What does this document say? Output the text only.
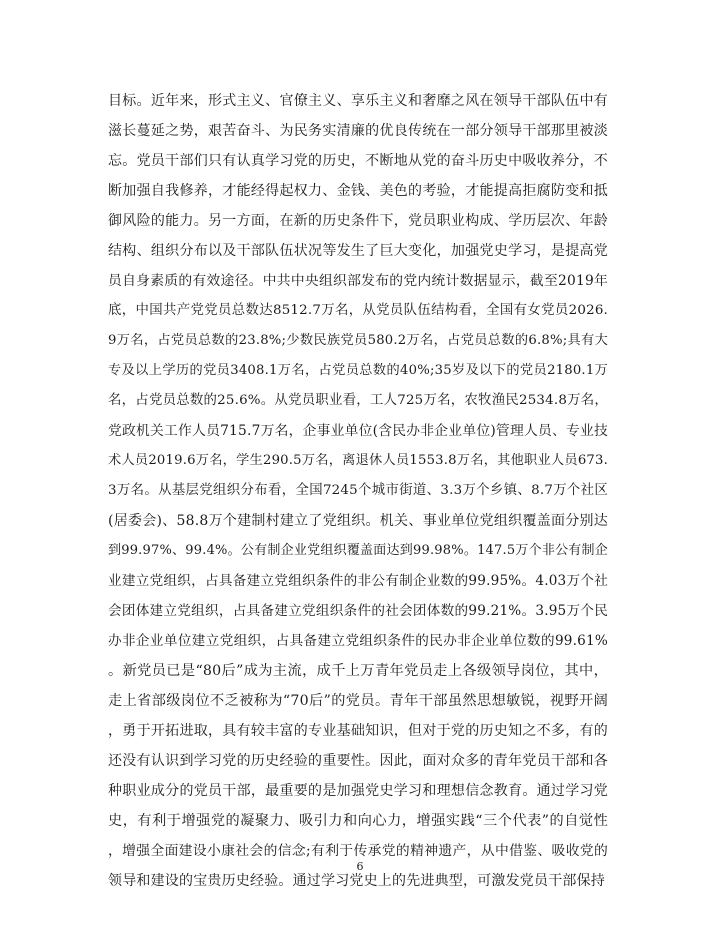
目标。近年来，形式主义、官僚主义、享乐主义和奢靡之风在领导干部队伍中有
滋长蔓延之势，艰苦奋斗、为民务实清廉的优良传统在一部分领导干部那里被淡
忘。党员干部们只有认真学习党的历史，不断地从党的奋斗历史中吸收养分，不
断加强自我修养，才能经得起权力、金钱、美色的考验，才能提高拒腐防变和抵
御风险的能力。另一方面，在新的历史条件下，党员职业构成、学历层次、年龄
结构、组织分布以及干部队伍状况等发生了巨大变化，加强党史学习，是提高党
员自身素质的有效途径。中共中央组织部发布的党内统计数据显示，截至2019年
底，中国共产党党员总数达8512.7万名，从党员队伍结构看，全国有女党员2026.
9万名，占党员总数的23.8%;少数民族党员580.2万名，占党员总数的6.8%;具有大
专及以上学历的党员3408.1万名，占党员总数的40%;35岁及以下的党员2180.1万
名，占党员总数的25.6%。从党员职业看，工人725万名，农牧渔民2534.8万名，
党政机关工作人员715.7万名，企事业单位(含民办非企业单位)管理人员、专业技
术人员2019.6万名，学生290.5万名，离退休人员1553.8万名，其他职业人员673.
3万名。从基层党组织分布看，全国7245个城市街道、3.3万个乡镇、8.7万个社区
(居委会)、58.8万个建制村建立了党组织。机关、事业单位党组织覆盖面分别达
到99.97%、99.4%。公有制企业党组织覆盖面达到99.98%。147.5万个非公有制企
业建立党组织，占具备建立党组织条件的非公有制企业数的99.95%。4.03万个社
会团体建立党组织，占具备建立党组织条件的社会团体数的99.21%。3.95万个民
办非企业单位建立党组织，占具备建立党组织条件的民办非企业单位数的99.61%
。新党员已是“80后”成为主流，成千上万青年党员走上各级领导岗位，其中，
走上省部级岗位不乏被称为“70后”的党员。青年干部虽然思想敏锐，视野开阔
，勇于开拓进取，具有较丰富的专业基础知识，但对于党的历史知之不多，有的
还没有认识到学习党的历史经验的重要性。因此，面对众多的青年党员干部和各
种职业成分的党员干部，最重要的是加强党史学习和理想信念教育。通过学习党
史，有利于增强党的凝聚力、吸引力和向心力，增强实践“三个代表”的自觉性
，增强全面建设小康社会的信念;有利于传承党的精神遗产，从中借鉴、吸收党的
领导和建设的宝贵历史经验。通过学习党史上的先进典型，可激发党员干部保持
6
